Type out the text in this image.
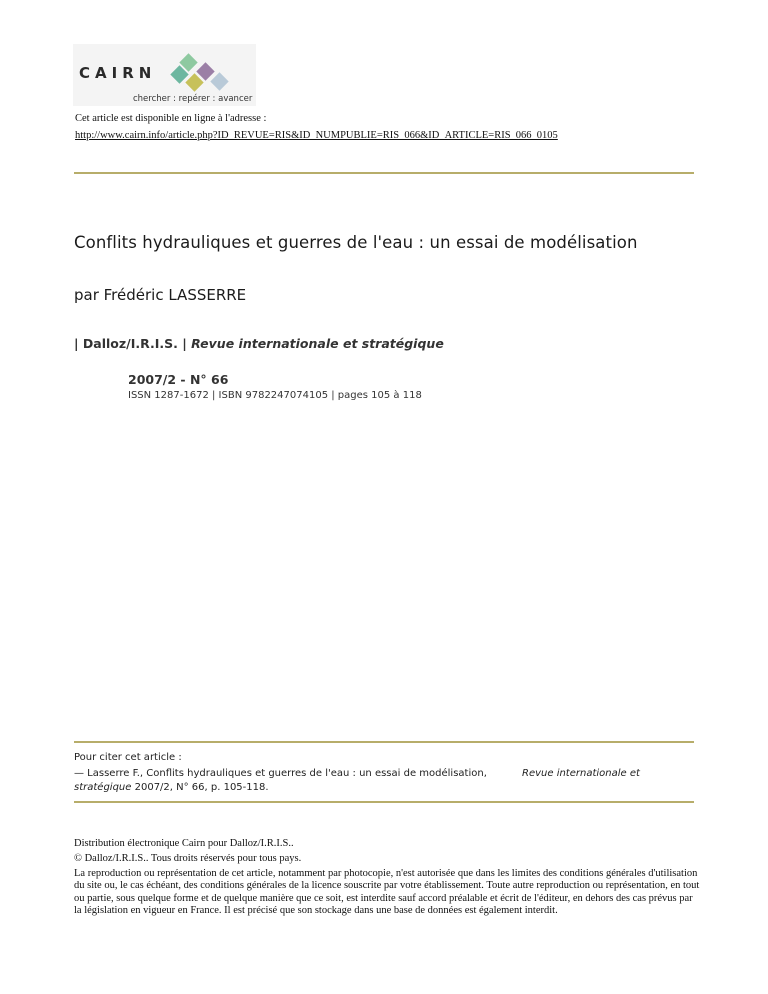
CAIRN
chercher : repérer : avancer
Cet article est disponible en ligne à l'adresse :
http://www.cairn.info/article.php?ID_REVUE=RIS&ID_NUMPUBLIE=RIS_066&ID_ARTICLE=RIS_066_0105
Conflits hydrauliques et guerres de l'eau : un essai de modélisation
par Frédéric LASSERRE
| Dalloz/I.R.I.S. | Revue internationale et stratégique
2007/2 - N° 66
ISSN 1287-1672 | ISBN 9782247074105 | pages 105 à 118
Pour citer cet article :
— Lasserre F., Conflits hydrauliques et guerres de l'eau : un essai de modélisation,	Revue internationale et
stratégique 2007/2, N° 66, p. 105-118.
Distribution électronique Cairn pour Dalloz/I.R.I.S..
© Dalloz/I.R.I.S.. Tous droits réservés pour tous pays.
La reproduction ou représentation de cet article, notamment par photocopie, n'est autorisée que dans les limites des conditions générales d'utilisation du site ou, le cas échéant, des conditions générales de la licence souscrite par votre établissement. Toute autre reproduction ou représentation, en tout ou partie, sous quelque forme et de quelque manière que ce soit, est interdite sauf accord préalable et écrit de l'éditeur, en dehors des cas prévus par la législation en vigueur en France. Il est précisé que son stockage dans une base de données est également interdit.
